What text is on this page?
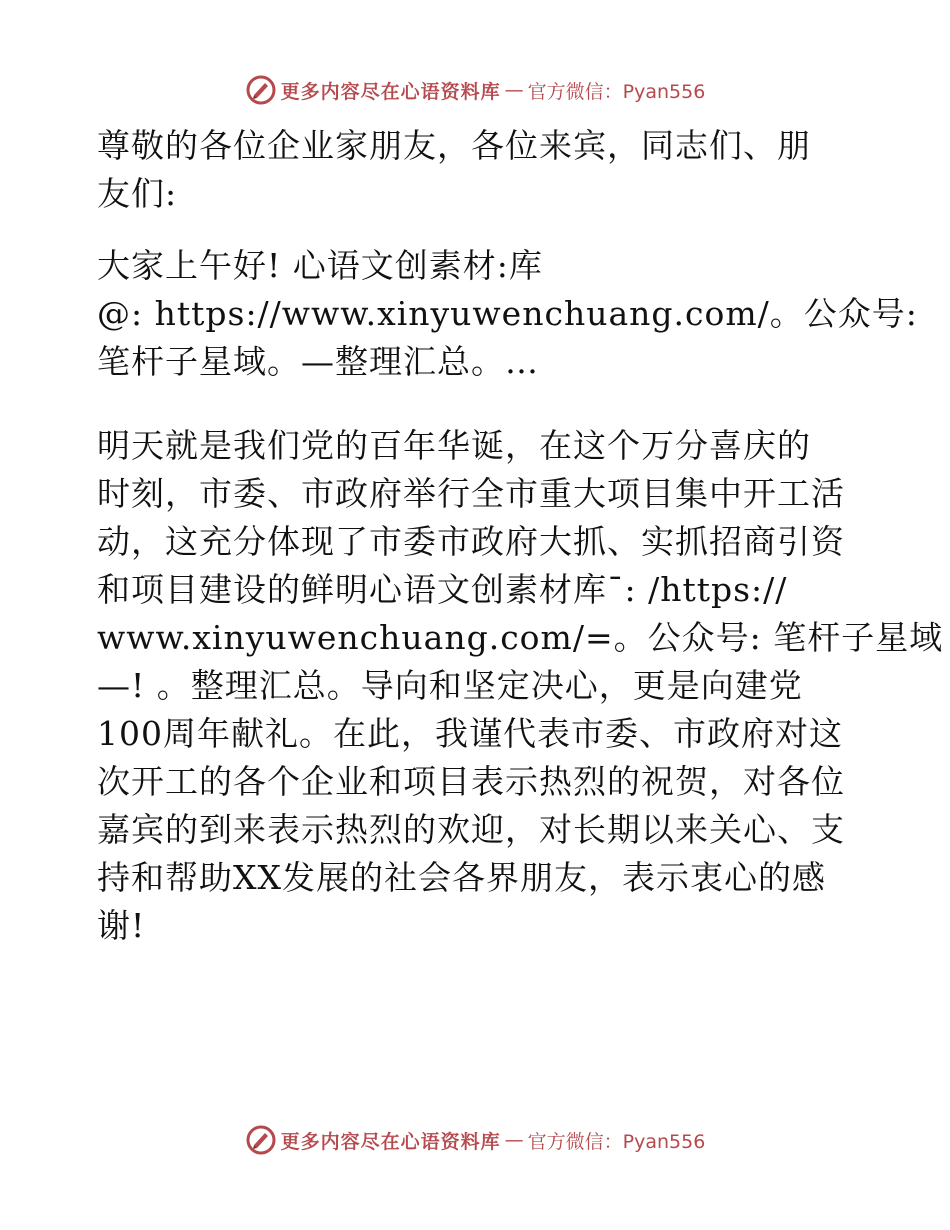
更多内容尽在心语资料库 — 官方微信：Pyan556

尊敬的各位企业家朋友，各位来宾，同志们、朋

友们:

大家上午好! 心语文创素材:库

@: https://www.xinyuwenchuang.com/。公众号:

笔杆子星域。—整理汇总。…

明天就是我们党的百年华诞，在这个万分喜庆的

时刻，市委、市政府举行全市重大项目集中开工活

动，这充分体现了市委市政府大抓、实抓招商引资

和项目建设的鲜明心语文创素材库¯: /https://

www.xinyuwenchuang.com/=。公众号: 笔杆子星域

—! 。整理汇总。导向和坚定决心，更是向建党

100周年献礼。在此，我谨代表市委、市政府对这

次开工的各个企业和项目表示热烈的祝贺，对各位

嘉宾的到来表示热烈的欢迎，对长期以来关心、支

持和帮助XX发展的社会各界朋友，表示衷心的感

谢!

更多内容尽在心语资料库 — 官方微信：Pyan556
